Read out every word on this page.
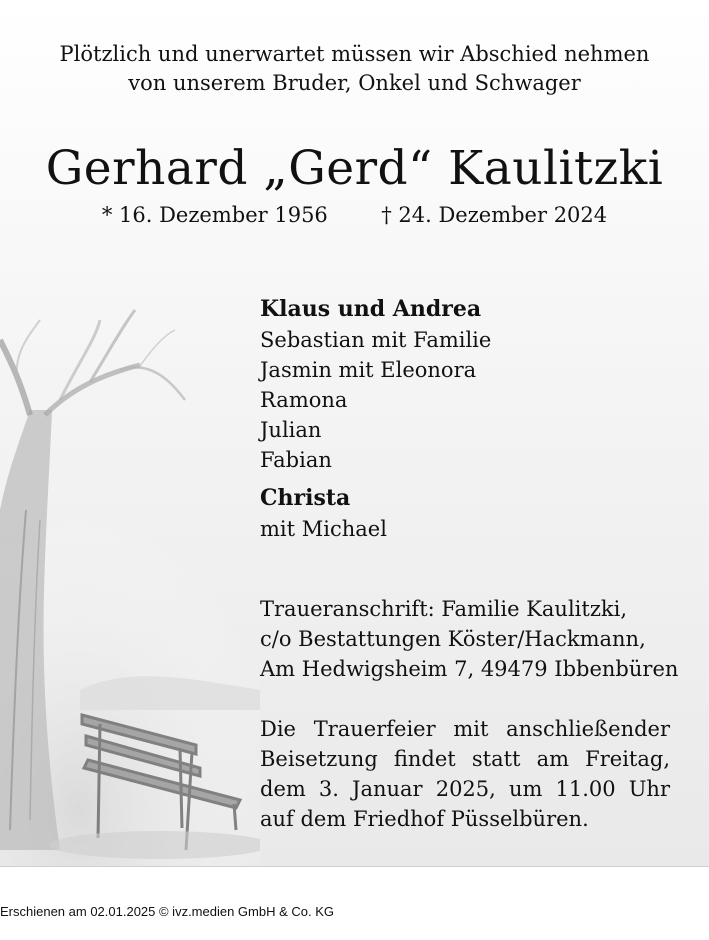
Plötzlich und unerwartet müssen wir Abschied nehmen
von unserem Bruder, Onkel und Schwager
Gerhard „Gerd“ Kaulitzki
* 16. Dezember 1956        † 24. Dezember 2024
Klaus und Andrea
Sebastian mit Familie
Jasmin mit Eleonora
Ramona
Julian
Fabian
Christa
mit Michael
Traueranschrift: Familie Kaulitzki,
c/o Bestattungen Köster/Hackmann,
Am Hedwigsheim 7, 49479 Ibbenbüren
Die Trauerfeier mit anschließender Beisetzung findet statt am Freitag, dem 3. Januar 2025, um 11.00 Uhr auf dem Friedhof Püsselbüren.
Erschienen am 02.01.2025 © ivz.medien GmbH & Co. KG
